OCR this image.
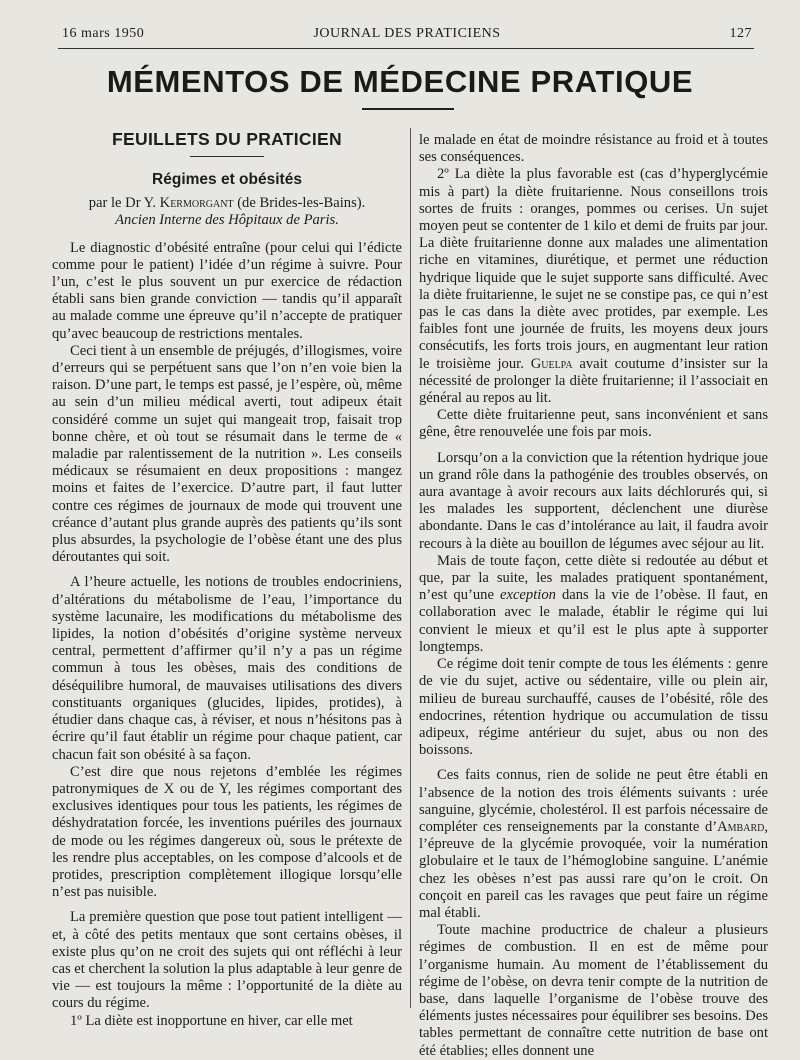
16 mars 1950	JOURNAL DES PRATICIENS	127
MÉMENTOS DE MÉDECINE PRATIQUE
FEUILLETS DU PRATICIEN
Régimes et obésités
par le Dr Y. Kermorgant (de Brides-les-Bains).
Ancien Interne des Hôpitaux de Paris.

Le diagnostic d’obésité entraîne (pour celui qui l’édicte comme pour le patient) l’idée d’un régime à suivre. Pour l’un, c’est le plus souvent un pur exercice de rédaction établi sans bien grande conviction — tandis qu’il apparaît au malade comme une épreuve qu’il n’accepte de pratiquer qu’avec beaucoup de restrictions mentales.

Ceci tient à un ensemble de préjugés, d’illogismes, voire d’erreurs qui se perpétuent sans que l’on n’en voie bien la raison. D’une part, le temps est passé, je l’espère, où, même au sein d’un milieu médical averti, tout adipeux était considéré comme un sujet qui mangeait trop, faisait trop bonne chère, et où tout se résumait dans le terme de « maladie par ralentissement de la nutrition ». Les conseils médicaux se résumaient en deux propositions : mangez moins et faites de l’exercice. D’autre part, il faut lutter contre ces régimes de journaux de mode qui trouvent une créance d’autant plus grande auprès des patients qu’ils sont plus absurdes, la psychologie de l’obèse étant une des plus déroutantes qui soit.

A l’heure actuelle, les notions de troubles endocriniens, d’altérations du métabolisme de l’eau, l’importance du système lacunaire, les modifications du métabolisme des lipides, la notion d’obésités d’origine système nerveux central, permettent d’affirmer qu’il n’y a pas un régime commun à tous les obèses, mais des conditions de déséquilibre humoral, de mauvaises utilisations des divers constituants organiques (glucides, lipides, protides), à étudier dans chaque cas, à réviser, et nous n’hésitons pas à écrire qu’il faut établir un régime pour chaque patient, car chacun fait son obésité à sa façon.

C’est dire que nous rejetons d’emblée les régimes patronymiques de X ou de Y, les régimes comportant des exclusives identiques pour tous les patients, les régimes de déshydratation forcée, les inventions puériles des journaux de mode ou les régimes dangereux où, sous le prétexte de les rendre plus acceptables, on les compose d’alcools et de protides, prescription complètement illogique lorsqu’elle n’est pas nuisible.

La première question que pose tout patient intelligent — et, à côté des petits mentaux que sont certains obèses, il existe plus qu’on ne croit des sujets qui ont réfléchi à leur cas et cherchent la solution la plus adaptable à leur genre de vie — est toujours la même : l’opportunité de la diète au cours du régime.

1º La diète est inopportune en hiver, car elle met

le malade en état de moindre résistance au froid et à toutes ses conséquences.

2º La diète la plus favorable est (cas d’hyperglycémie mis à part) la diète fruitarienne. Nous conseillons trois sortes de fruits : oranges, pommes ou cerises. Un sujet moyen peut se contenter de 1 kilo et demi de fruits par jour. La diète fruitarienne donne aux malades une alimentation riche en vitamines, diurétique, et permet une réduction hydrique liquide que le sujet supporte sans difficulté. Avec la diète fruitarienne, le sujet ne se constipe pas, ce qui n’est pas le cas dans la diète avec protides, par exemple. Les faibles font une journée de fruits, les moyens deux jours consécutifs, les forts trois jours, en augmentant leur ration le troisième jour. Guelpa avait coutume d’insister sur la nécessité de prolonger la diète fruitarienne; il l’associait en général au repos au lit.

Cette diète fruitarienne peut, sans inconvénient et sans gêne, être renouvelée une fois par mois.

Lorsqu’on a la conviction que la rétention hydrique joue un grand rôle dans la pathogénie des troubles observés, on aura avantage à avoir recours aux laits déchlorurés qui, si les malades les supportent, déclenchent une diurèse abondante. Dans le cas d’intolérance au lait, il faudra avoir recours à la diète au bouillon de légumes avec séjour au lit.

Mais de toute façon, cette diète si redoutée au début et que, par la suite, les malades pratiquent spontanément, n’est qu’une exception dans la vie de l’obèse. Il faut, en collaboration avec le malade, établir le régime qui lui convient le mieux et qu’il est le plus apte à supporter longtemps.

Ce régime doit tenir compte de tous les éléments : genre de vie du sujet, active ou sédentaire, ville ou plein air, milieu de bureau surchauffé, causes de l’obésité, rôle des endocrines, rétention hydrique ou accumulation de tissu adipeux, régime antérieur du sujet, abus ou non des boissons.

Ces faits connus, rien de solide ne peut être établi en l’absence de la notion des trois éléments suivants : urée sanguine, glycémie, cholestérol. Il est parfois nécessaire de compléter ces renseignements par la constante d’Ambard, l’épreuve de la glycémie provoquée, voir la numération globulaire et le taux de l’hémoglobine sanguine. L’anémie chez les obèses n’est pas aussi rare qu’on le croit. On conçoit en pareil cas les ravages que peut faire un régime mal établi.

Toute machine productrice de chaleur a plusieurs régimes de combustion. Il en est de même pour l’organisme humain. Au moment de l’établissement du régime de l’obèse, on devra tenir compte de la nutrition de base, dans laquelle l’organisme de l’obèse trouve des éléments justes nécessaires pour équilibrer ses besoins. Des tables permettant de connaître cette nutrition de base ont été établies; elles donnent une
